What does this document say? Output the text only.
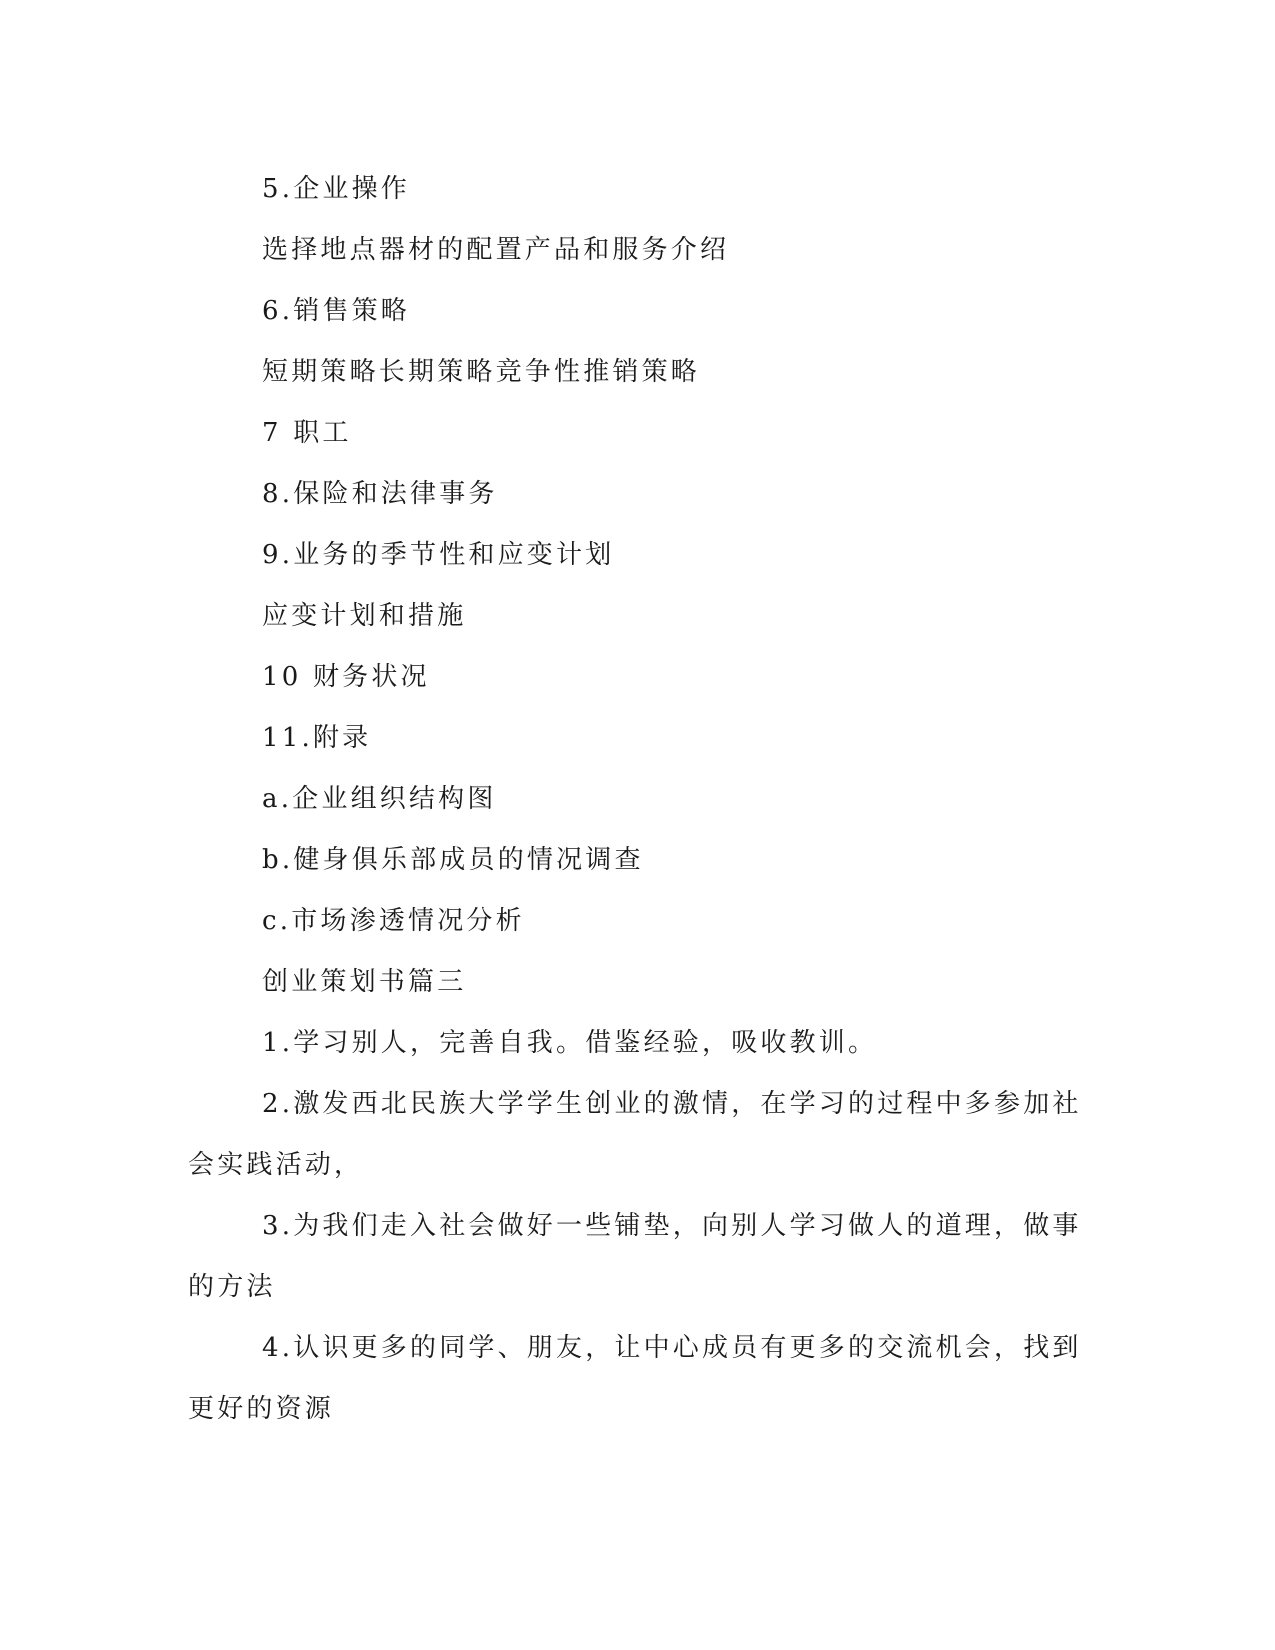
5.企业操作
选择地点器材的配置产品和服务介绍
6.销售策略
短期策略长期策略竞争性推销策略
7 职工
8.保险和法律事务
9.业务的季节性和应变计划
应变计划和措施
10 财务状况
11.附录
a.企业组织结构图
b.健身俱乐部成员的情况调查
c.市场渗透情况分析
创业策划书篇三
1.学习别人，完善自我。借鉴经验，吸收教训。
2.激发西北民族大学学生创业的激情，在学习的过程中多参加社
会实践活动，
3.为我们走入社会做好一些铺垫，向别人学习做人的道理，做事
的方法
4.认识更多的同学、朋友，让中心成员有更多的交流机会，找到
更好的资源
